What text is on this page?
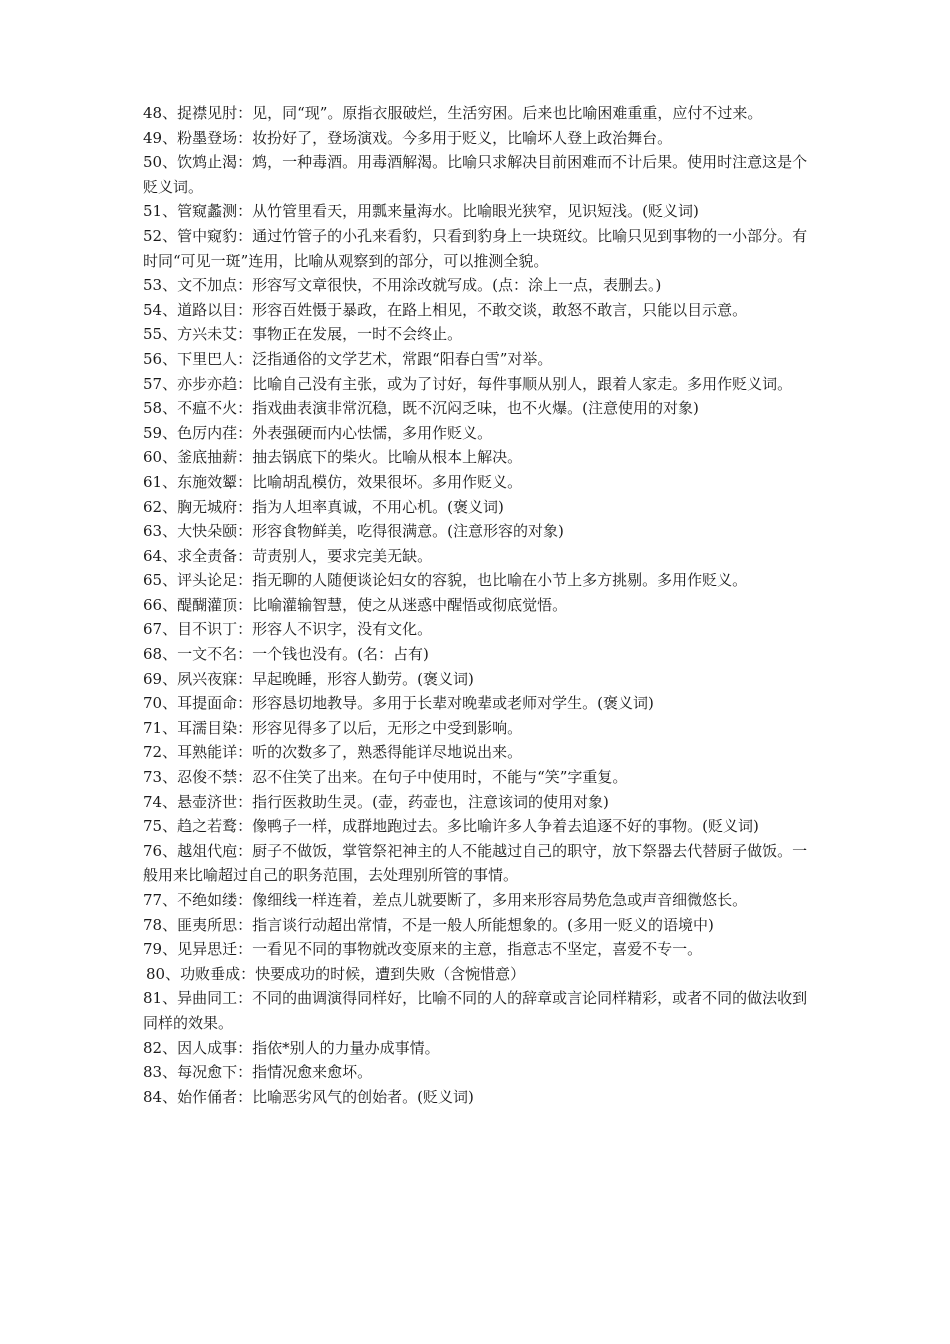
48、捉襟见肘：见，同“现”。原指衣服破烂，生活穷困。后来也比喻困难重重，应付不过来。

49、粉墨登场：妆扮好了，登场演戏。今多用于贬义，比喻坏人登上政治舞台。

50、饮鸩止渴：鸩，一种毒酒。用毒酒解渴。比喻只求解决目前困难而不计后果。使用时注意这是个贬义词。

51、管窥蠡测：从竹管里看天，用瓢来量海水。比喻眼光狭窄，见识短浅。(贬义词)

52、管中窥豹：通过竹管子的小孔来看豹，只看到豹身上一块斑纹。比喻只见到事物的一小部分。有时同“可见一斑”连用，比喻从观察到的部分，可以推测全貌。

53、文不加点：形容写文章很快，不用涂改就写成。(点：涂上一点，表删去。)

54、道路以目：形容百姓慑于暴政，在路上相见，不敢交谈，敢怒不敢言，只能以目示意。

55、方兴未艾：事物正在发展，一时不会终止。

56、下里巴人：泛指通俗的文学艺术，常跟“阳春白雪”对举。

57、亦步亦趋：比喻自己没有主张，或为了讨好，每件事顺从别人，跟着人家走。多用作贬义词。

58、不瘟不火：指戏曲表演非常沉稳，既不沉闷乏味，也不火爆。(注意使用的对象)

59、色厉内荏：外表强硬而内心怯懦，多用作贬义。

60、釜底抽薪：抽去锅底下的柴火。比喻从根本上解决。

61、东施效颦：比喻胡乱模仿，效果很坏。多用作贬义。

62、胸无城府：指为人坦率真诚，不用心机。(褒义词)

63、大快朵颐：形容食物鲜美，吃得很满意。(注意形容的对象)

64、求全责备：苛责别人，要求完美无缺。

65、评头论足：指无聊的人随便谈论妇女的容貌，也比喻在小节上多方挑剔。多用作贬义。

66、醍醐灌顶：比喻灌输智慧，使之从迷惑中醒悟或彻底觉悟。

67、目不识丁：形容人不识字，没有文化。

68、一文不名：一个钱也没有。(名：占有)

69、夙兴夜寐：早起晚睡，形容人勤劳。(褒义词)

70、耳提面命：形容恳切地教导。多用于长辈对晚辈或老师对学生。(褒义词)

71、耳濡目染：形容见得多了以后，无形之中受到影响。

72、耳熟能详：听的次数多了，熟悉得能详尽地说出来。

73、忍俊不禁：忍不住笑了出来。在句子中使用时，不能与“笑”字重复。

74、悬壶济世：指行医救助生灵。(壶，药壶也，注意该词的使用对象)

75、趋之若鹜：像鸭子一样，成群地跑过去。多比喻许多人争着去追逐不好的事物。(贬义词)

76、越俎代庖：厨子不做饭，掌管祭祀神主的人不能越过自己的职守，放下祭器去代替厨子做饭。一般用来比喻超过自己的职务范围，去处理别所管的事情。

77、不绝如缕：像细线一样连着，差点儿就要断了，多用来形容局势危急或声音细微悠长。

78、匪夷所思：指言谈行动超出常情，不是一般人所能想象的。(多用一贬义的语境中)

79、见异思迁：一看见不同的事物就改变原来的主意，指意志不坚定，喜爱不专一。

80、功败垂成：快要成功的时候，遭到失败（含惋惜意）

81、异曲同工：不同的曲调演得同样好，比喻不同的人的辞章或言论同样精彩，或者不同的做法收到同样的效果。

82、因人成事：指依*别人的力量办成事情。

83、每况愈下：指情况愈来愈坏。

84、始作俑者：比喻恶劣风气的创始者。(贬义词)
